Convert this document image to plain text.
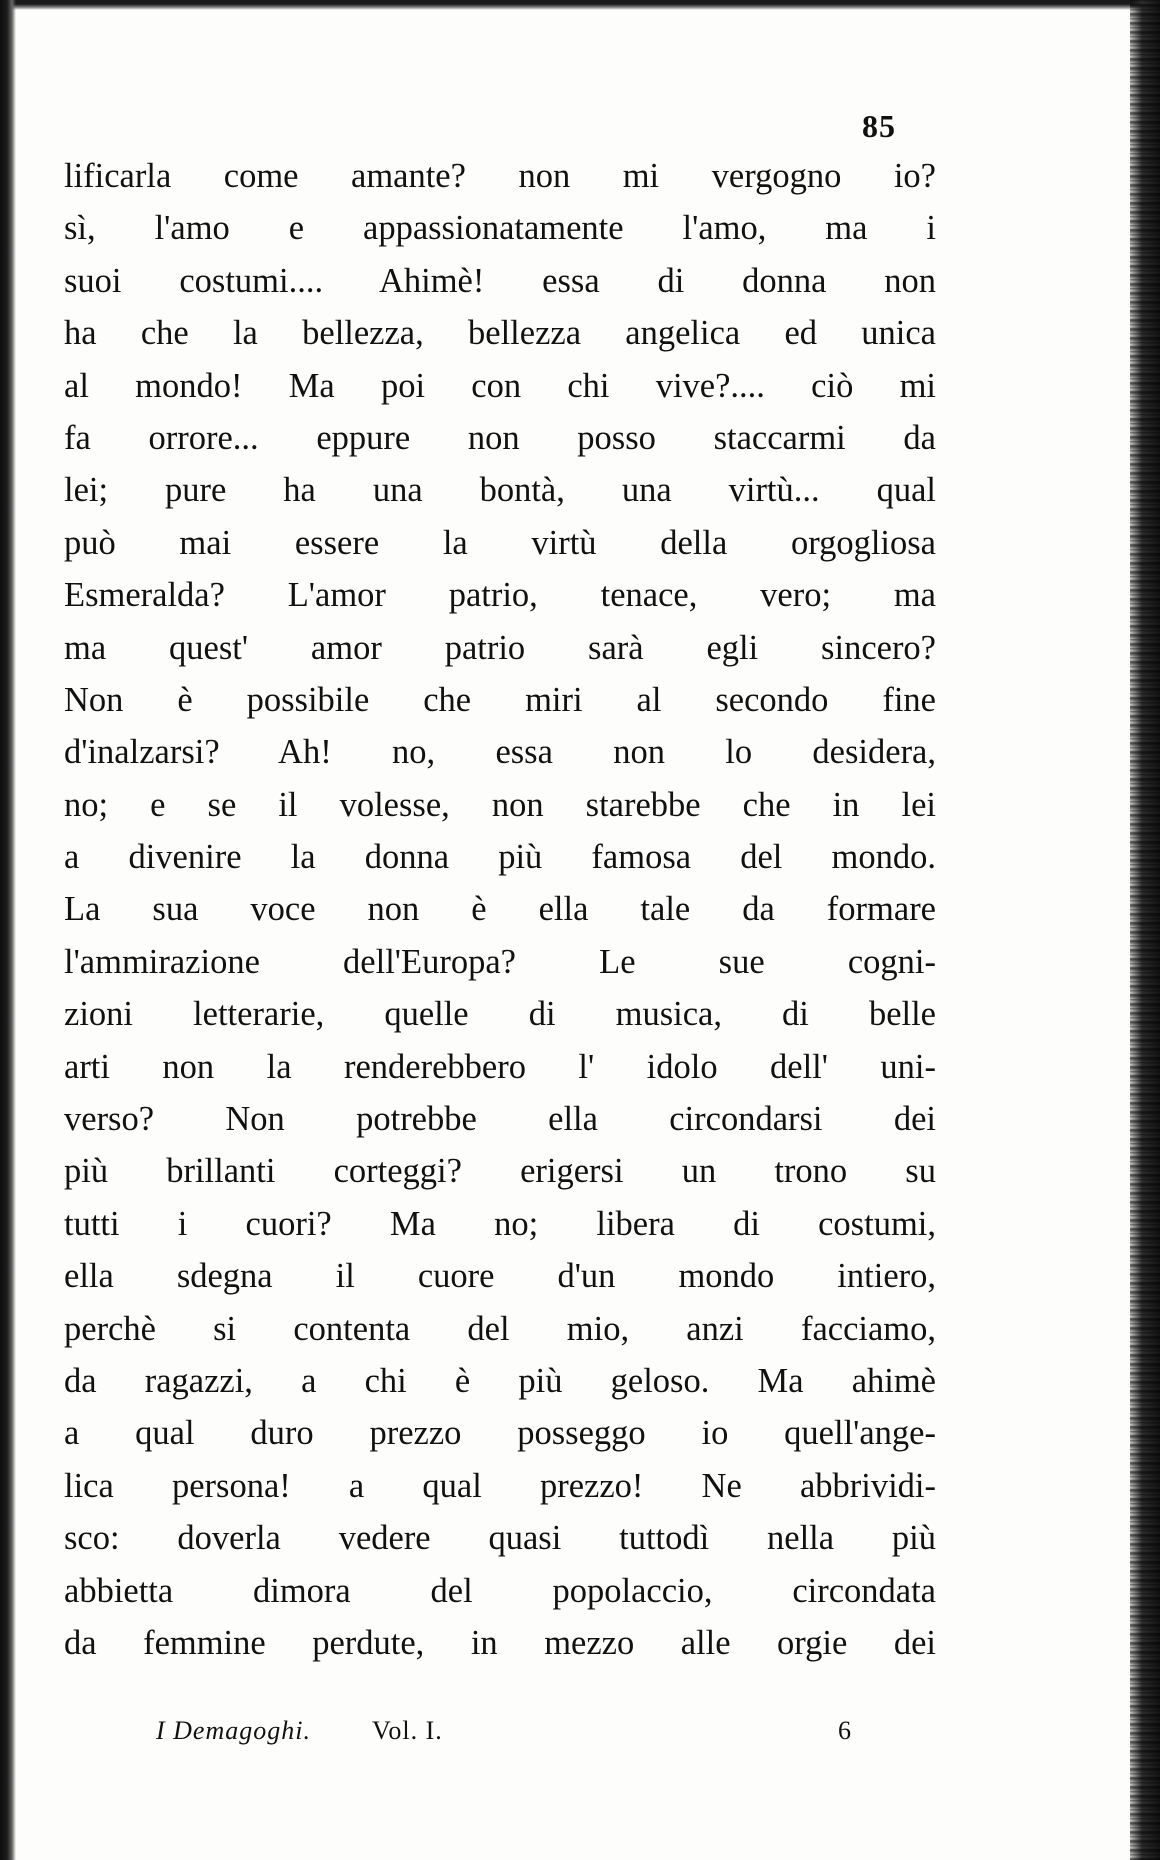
85
lificarla come amante? non mi vergogno io?
sì, l'amo e appassionatamente l'amo, ma i
suoi costumi.... Ahimè! essa di donna non
ha che la bellezza, bellezza angelica ed unica
al mondo! Ma poi con chi vive?.... ciò mi
fa orrore... eppure non posso staccarmi da
lei; pure ha una bontà, una virtù... qual
può mai essere la virtù della orgogliosa
Esmeralda? L'amor patrio, tenace, vero; ma
ma quest' amor patrio sarà egli sincero?
Non è possibile che miri al secondo fine
d'inalzarsi? Ah! no, essa non lo desidera,
no; e se il volesse, non starebbe che in lei
a divenire la donna più famosa del mondo.
La sua voce non è ella tale da formare
l'ammirazione dell'Europa? Le sue cogni-
zioni letterarie, quelle di musica, di belle
arti non la renderebbero l' idolo dell' uni-
verso? Non potrebbe ella circondarsi dei
più brillanti corteggi? erigersi un trono su
tutti i cuori? Ma no; libera di costumi,
ella sdegna il cuore d'un mondo intiero,
perchè si contenta del mio, anzi facciamo,
da ragazzi, a chi è più geloso. Ma ahimè
a qual duro prezzo posseggo io quell'ange-
lica persona! a qual prezzo! Ne abbrividi-
sco: doverla vedere quasi tuttodì nella più
abbietta dimora del popolaccio, circondata
da femmine perdute, in mezzo alle orgie dei
I Demagoghi. Vol. I.	6
